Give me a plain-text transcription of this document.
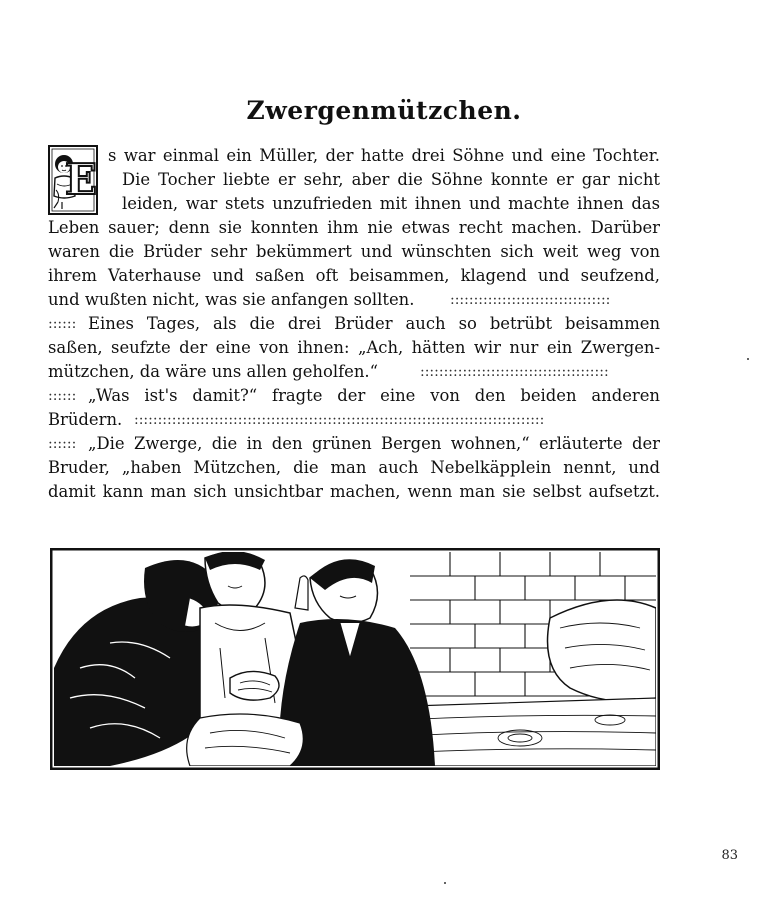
Zwergenmützchen.
E s war einmal ein Müller, der hatte drei Söhne und eine Tochter.
Die Tocher liebte er sehr, aber die Söhne konnte er gar nicht
leiden, war stets unzufrieden mit ihnen und machte ihnen das
Leben sauer; denn sie konnten ihm nie etwas recht machen. Darüber
waren die Brüder sehr bekümmert und wünschten sich weit weg von
ihrem Vaterhause und saßen oft beisammen, klagend und seufzend,
und wußten nicht, was sie anfangen sollten.	::::::::::::::::::::::::::::::::::
:::::: Eines Tages, als die drei Brüder auch so betrübt beisammen
saßen, seufzte der eine von ihnen: „Ach, hätten wir nur ein Zwergen-
mützchen, da wäre uns allen geholfen.“	::::::::::::::::::::::::::::::::::::::::
:::::: „Was ist's damit?“ fragte der eine von den beiden anderen
Brüdern. :::::::::::::::::::::::::::::::::::::::::::::::::::::::::::::::::::::::::::::::::::::::
:::::: „Die Zwerge, die in den grünen Bergen wohnen,“ erläuterte der
Bruder, „haben Mützchen, die man auch Nebelkäpplein nennt, und
damit kann man sich unsichtbar machen, wenn man sie selbst aufsetzt.
83
